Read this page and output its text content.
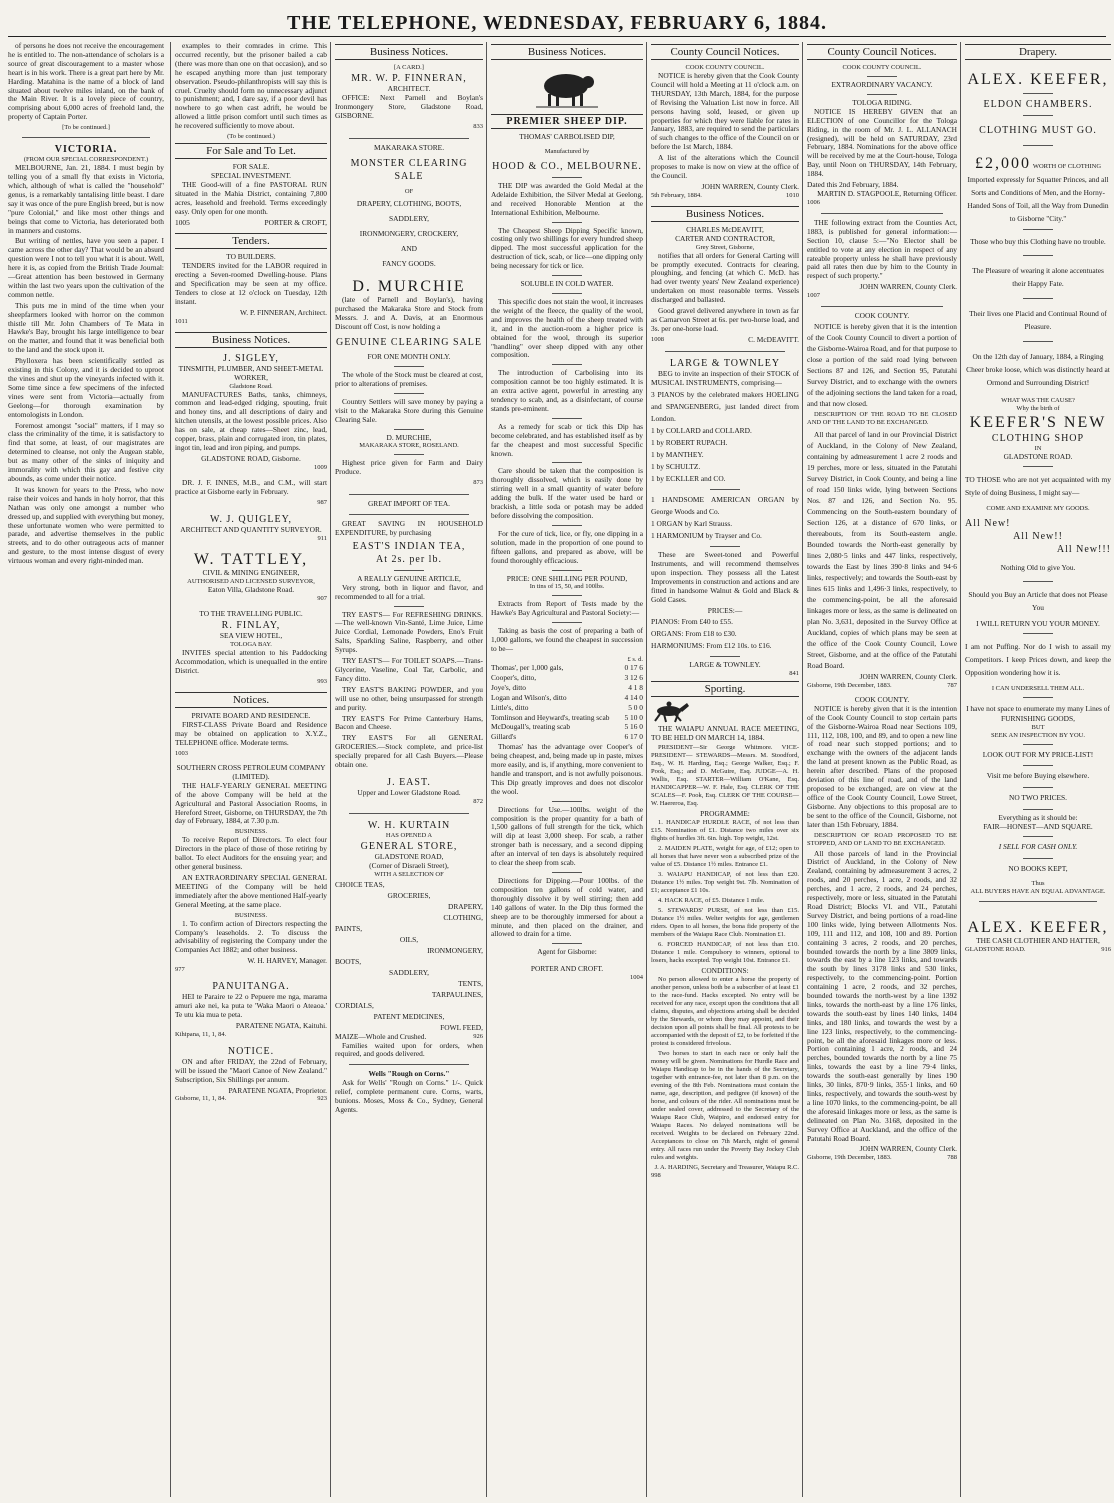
THE TELEPHONE, WEDNESDAY, FEBRUARY 6, 1884.

of persons he does not receive the encouragement he is entitled to. The non-attendance of scholars is a source of great discouragement to a master whose heart is in his work. There is a great part here by Mr. Harding. Matahina is the name of a block of land situated about twelve miles inland, on the bank of the Main River. It is a lovely piece of country, comprising about 6,000 acres of freehold land, the property of Captain Porter.

[To be continued.]
VICTORIA.
(FROM OUR SPECIAL CORRESPONDENT.)

MELBOURNE, Jan. 21, 1884. I must begin by telling you of a small fly that exists in Victoria, which, although of what is called the "household" genus, is a remarkably tantalising little beast. I dare say it was once of the pure English breed, but is now "pure Colonial," and like most other things and beings that come to Victoria, has deteriorated both in manners and customs.

But writing of nettles, have you seen a paper. I came across the other day? That would be an absurd question were I not to tell you what it is about. Well, here it is, as copied from the British Trade Journal:—Great attention has been bestowed in Germany within the last two years upon the cultivation of the common nettle.

This puts me in mind of the time when your sheepfarmers looked with horror on the common thistle till Mr. John Chambers of Te Mata in Hawke's Bay, brought his large intelligence to bear on the matter, and found that it was beneficial both to the land and the stock upon it.

Phylloxera has been scientifically settled as existing in this Colony, and it is decided to uproot the vines and shut up the vineyards infected with it. Some time since a few specimens of the infected vines were sent from Victoria—actually from Geelong—for thorough examination by entomologists in London.

Foremost amongst "social" matters, if I may so class the criminality of the time, it is satisfactory to find that some, at least, of our magistrates are determined to cleanse, not only the Augean stable, but as many other of the sinks of iniquity and immorality with which this gay and festive city abounds, as come under their notice.

It was known for years to the Press, who now raise their voices and hands in holy horror, that this Nathan was only one amongst a number who dressed up, and supplied with everything but money, these unfortunate women who were permitted to parade, and advertise themselves in the public streets, and to do other outrageous acts of manner and gesture, to the most intense disgust of every virtuous woman and every right-minded man.

examples to their comrades in crime. This occurred recently, but the prisoner bailed a cab (there was more than one on that occasion), and so he escaped anything more than just temporary observation. Pseudo-philanthropists will say this is cruel. Cruelty should form no unnecessary adjunct to punishment; and, I dare say, if a poor devil has nowhere to go when cast adrift, he would be allowed a little prison comfort until such times as he recovered sufficiently to move about.

(To be continued.)
For Sale and To Let.
FOR SALE.
SPECIAL INVESTMENT.

THE Good-will of a fine PASTORAL RUN situated in the Mahia District, containing 7,800 acres, leasehold and freehold. Terms exceedingly easy. Only open for one month.

1005	PORTER & CROFT,
Tenders.
TO BUILDERS.

TENDERS invited for the LABOR required in erecting a Seven-roomed Dwelling-house. Plans and Specification may be seen at my office. Tenders to close at 12 o'clock on Tuesday, 12th instant.

W. P. FINNERAN, Architect.
1011
Business Notices.
J. SIGLEY,
TINSMITH, PLUMBER, AND SHEET-METAL WORKER,
Gladstone Road.

MANUFACTURES Baths, tanks, chimneys, common and lead-edged ridging, spouting, fruit and honey tins, and all descriptions of dairy and kitchen utensils, at the lowest possible prices. Also has on sale, at cheap rates—Sheet zinc, lead, copper, brass, plain and corrugated iron, tin plates, ingot tin, lead and iron piping, and pumps.

GLADSTONE ROAD, Gisborne.
1009

DR. J. F. INNES, M.B., and C.M., will start practice at Gisborne early in February.

987
W. J. QUIGLEY,
ARCHITECT AND QUANTITY SURVEYOR.
911
W. TATTLEY,
CIVIL & MINING ENGINEER,
AUTHORISED AND LICENSED SURVEYOR,
Eaton Villa, Gladstone Road.
907
TO THE TRAVELLING PUBLIC.
R. FINLAY,
SEA VIEW HOTEL,
TOLOGA BAY.

INVITES special attention to his Paddocking Accommodation, which is unequalled in the entire District.

993
Notices.
PRIVATE BOARD AND RESIDENCE.

FIRST-CLASS Private Board and Residence may be obtained on application to X.Y.Z., TELEPHONE office. Moderate terms.

1003
SOUTHERN CROSS PETROLEUM COMPANY (LIMITED).

THE HALF-YEARLY GENERAL MEETING of the above Company will be held at the Agricultural and Pastoral Association Rooms, in Hereford Street, Gisborne, on THURSDAY, the 7th day of February, 1884, at 7.30 p.m.

BUSINESS.

To receive Report of Directors. To elect four Directors in the place of those of those retiring by ballot. To elect Auditors for the ensuing year; and other general business.

AN EXTRAORDINARY SPECIAL GENERAL MEETING of the Company will be held immediately after the above mentioned Half-yearly General Meeting, at the same place.

BUSINESS.

1. To confirm action of Directors respecting the Company's leaseholds. 2. To discuss the advisability of registering the Company under the Companies Act 1882; and other business.

W. H. HARVEY, Manager.
977
PANUITANGA.

HEI te Paraire te 22 o Pepuere me nga, marama amuri ake nei, ka puta te 'Waka Maori o Ateaoa.' Te utu kia mua te peta.

PARATENE NGATA, Kaituhi.
Kihipana, 11, 1, 84.
NOTICE.

ON and after FRIDAY, the 22nd of February, will be issued the "Maori Canoe of New Zealand." Subscription, Six Shillings per annum.

PARATENE NGATA, Proprietor.
Gisborne, 11, 1, 84.	923
Business Notices.
[A CARD.]
MR. W. P. FINNERAN,
ARCHITECT.

OFFICE: Next Parnell and Boylan's Ironmongery Store, Gladstone Road, GISBORNE.

833
MAKARAKA STORE.
MONSTER CLEARING SALE
OF
DRAPERY, CLOTHING, BOOTS,
SADDLERY,
IRONMONGERY, CROCKERY,
AND
FANCY GOODS.
D. MURCHIE

(late of Parnell and Boylan's), having purchased the Makaraka Store and Stock from Messrs. J. and A. Davis, at an Enormous Discount off Cost, is now holding a

GENUINE CLEARING SALE
FOR ONE MONTH ONLY.

The whole of the Stock must be cleared at cost, prior to alterations of premises.

Country Settlers will save money by paying a visit to the Makaraka Store during this Genuine Clearing Sale.

D. MURCHIE,
MAKARAKA STORE, ROSELAND.

Highest price given for Farm and Dairy Produce.

873
GREAT IMPORT OF TEA.

GREAT SAVING IN HOUSEHOLD EXPENDITURE, by purchasing

EAST'S INDIAN TEA,
At 2s. per lb.
A REALLY GENUINE ARTICLE,

Very strong, both in liquor and flavor, and recommended to all for a trial.

TRY EAST'S— For REFRESHING DRINKS.—The well-known Vin-Santé, Lime Juice, Lime Juice Cordial, Lemonade Powders, Eno's Fruit Salts, Sparkling Saline, Raspberry, and other Syrups.

TRY EAST'S— For TOILET SOAPS.—Trans-Glycerine, Vaseline, Coal Tar, Carbolic, and Fancy ditto.

TRY EAST'S BAKING POWDER, and you will use no other, being unsurpassed for strength and purity.

TRY EAST'S For Prime Canterbury Hams, Bacon and Cheese.

TRY EAST'S For all GENERAL GROCERIES.—Stock complete, and price-list specially prepared for all Cash Buyers.—Please obtain one.

J. EAST.
Upper and Lower Gladstone Road.
872
W. H. KURTAIN
HAS OPENED A
GENERAL STORE,
GLADSTONE ROAD,
(Corner of Disraeli Street),
WITH A SELECTION OF
CHOICE TEAS,
GROCERIES,
DRAPERY,
CLOTHING,
PAINTS,
OILS,
IRONMONGERY,
BOOTS,
SADDLERY,
TENTS,
TARPAULINES,
CORDIALS,
PATENT MEDICINES,
FOWL FEED,
MAIZE—Whole and Crushed.	926

Families waited upon for orders, when required, and goods delivered.

Wells "Rough on Corns."

Ask for Wells' "Rough on Corns." 1/-. Quick relief, complete permanent cure. Corns, warts, bunions. Moses, Moss & Co., Sydney, General Agents.

Business Notices.
PREMIER SHEEP DIP.
THOMAS' CARBOLISED DIP,
Manufactured by
HOOD & CO., MELBOURNE.

THE DIP was awarded the Gold Medal at the Adelaide Exhibition, the Silver Medal at Geelong, and received Honorable Mention at the International Exhibition, Melbourne.

The Cheapest Sheep Dipping Specific known, costing only two shillings for every hundred sheep dipped. The most successful application for the destruction of tick, scab, or lice—one dipping only being necessary for tick or lice.

SOLUBLE IN COLD WATER.

This specific does not stain the wool, it increases the weight of the fleece, the quality of the wool, and improves the health of the sheep treated with it, and in the auction-room a higher price is obtained for the wool, through its superior "handling" over sheep dipped with any other composition.

The introduction of Carbolising into its composition cannot be too highly estimated. It is an extra active agent, powerful in arresting any tendency to scab, and, as a disinfectant, of course stands pre-eminent.

As a remedy for scab or tick this Dip has become celebrated, and has established itself as by far the cheapest and most successful Specific known.

Care should be taken that the composition is thoroughly dissolved, which is easily done by stirring well in a small quantity of water before adding the bulk. If the water used be hard or brackish, a little soda or potash may be added before dissolving the composition.

For the cure of tick, lice, or fly, one dipping in a solution, made in the proportion of one pound to fifteen gallons, and prepared as above, will be found thoroughly efficacious.

PRICE: ONE SHILLING PER POUND,
In tins of 15, 50, and 100lbs.

Extracts from Report of Tests made by the Hawke's Bay Agricultural and Pastoral Society:—

Taking as basis the cost of preparing a bath of 1,000 gallons, we found the cheapest in succession to be—

£ s. d.
Thomas', per 1,000 gals,	0 17 6
Cooper's, ditto,	3 12 6
Joye's, ditto	4 1 8
Logan and Wilson's, ditto	4 14 0
Little's, ditto	5 0 0
Tomlinson and Heyward's, treating scab 5 10 0
McDougall's, treating scab	5 16 0
Gillard's	6 17 0

Thomas' has the advantage over Cooper's of being cheapest, and, being made up in paste, mixes more easily, and is, if anything, more convenient to handle and transport, and is not awfully poisonous. This Dip greatly improves and does not discolor the wool.

Directions for Use.—100lbs. weight of the composition is the proper quantity for a bath of 1,500 gallons of full strength for the tick, which will dip at least 3,000 sheep. For scab, a rather stronger bath is necessary, and a second dipping after an interval of ten days is absolutely required to clear the sheep from scab.

Directions for Dipping.—Pour 100lbs. of the composition ten gallons of cold water, and thoroughly dissolve it by well stirring; then add 140 gallons of water. In the Dip thus formed the sheep are to be thoroughly immersed for about a minute, and then placed on the drainer, and allowed to drain for a time.

Agent for Gisborne:
PORTER AND CROFT.
1004
County Council Notices.
COOK COUNTY COUNCIL.

NOTICE is hereby given that the Cook County Council will hold a Meeting at 11 o'clock a.m. on THURSDAY, 13th March, 1884, for the purpose of Revising the Valuation List now in force. All persons having sold, leased, or given up properties for which they were liable for rates in January, 1883, are required to send the particulars of such changes to the office of the Council on or before the 1st March, 1884.

A list of the alterations which the Council proposes to make is now on view at the office of the Council.

JOHN WARREN, County Clerk.
5th February, 1884.	1010
Business Notices.
CHARLES McDEAVITT,
CARTER AND CONTRACTOR,
Grey Street, Gisborne,

notifies that all orders for General Carting will be promptly executed. Contracts for clearing, ploughing, and fencing (at which C. McD. has had over twenty years' New Zealand experience) undertaken on most reasonable terms. Vessels discharged and ballasted.

Good gravel delivered anywhere in town as far as Carnarvon Street at 6s. per two-horse load, and 3s. per one-horse load.

1008	C. McDEAVITT.
LARGE & TOWNLEY

BEG to invite an inspection of their STOCK of MUSICAL INSTRUMENTS, comprising—

3 PIANOS by the celebrated makers HOELING and SPANGENBERG, just landed direct from London.
1 by COLLARD and COLLARD.
1 by ROBERT RUPACH.
1 by MANTHEY.
1 by SCHULTZ.
1 by ECKLLER and CO.
1 HANDSOME AMERICAN ORGAN by George Woods and Co.
1 ORGAN by Karl Strauss.
1 HARMONIUM by Trayser and Co.

These are Sweet-toned and Powerful Instruments, and will recommend themselves upon inspection. They possess all the Latest Improvements in construction and actions and are fitted in handsome Walnut & Gold and Black & Gold Cases.

PRICES:—
PIANOS: From £40 to £55.
ORGANS: From £18 to £30.
HARMONIUMS: From £12 10s. to £16.
LARGE & TOWNLEY.
841
Sporting.

THE WAIAPU ANNUAL RACE MEETING, TO BE HELD ON MARCH 14, 1884.

PRESIDENT—Sir George Whitmore. VICE-PRESIDENT— STEWARDS—Messrs. M. Stoodford, Esq., W. H. Harding, Esq.; George Walker, Esq.; F. Pook, Esq.; and D. McGuire, Esq. JUDGE—A. H. Wallis, Esq. STARTER—William O'Kane, Esq. HANDICAPPER—W. F. Hale, Esq. CLERK OF THE SCALES—F. Pook, Esq. CLERK OF THE COURSE—W. Haereroa, Esq.

PROGRAMME:

1. HANDICAP HURDLE RACE, of not less than £15. Nomination of £1. Distance two miles over six flights of hurdles 3ft. 6in. high. Top weight, 12st.

2. MAIDEN PLATE, weight for age, of £12; open to all horses that have never won a subscribed prize of the value of £5. Distance 1½ miles. Entrance £1.

3. WAIAPU HANDICAP, of not less than £20. Distance 1½ miles. Top weight 9st. 7lb. Nomination of £1; acceptance £1 10s.

4. HACK RACE, of £5. Distance 1 mile.

5. STEWARDS' PURSE, of not less than £15. Distance 1½ miles. Welter weights for age, gentlemen riders. Open to all horses, the bona fide property of the members of the Waiapu Race Club. Nomination £1.

6. FORCED HANDICAP, of not less than £10. Distance 1 mile. Compulsory to winners, optional to losers, hacks excepted. Top weight 10st. Entrance £1.

CONDITIONS:

No person allowed to enter a horse the property of another person, unless both be a subscriber of at least £1 to the race-fund. Hacks excepted. No entry will be received for any race, except upon the conditions that all claims, disputes, and objections arising shall be decided by the Stewards, or whom they may appoint, and their decision upon all points shall be final. All protests to be accompanied with the deposit of £2, to be forfeited if the protest is considered frivolous.

Two horses to start in each race or only half the money will be given. Nominations for Hurdle Race and Waiapu Handicap to be in the hands of the Secretary, together with entrance-fee, not later than 8 p.m. on the evening of the 8th Feb. Nominations must contain the name, age, description, and pedigree (if known) of the horse, and colours of the rider. All nominations must be under sealed cover, addressed to the Secretary of the Waiapu Race Club, Waipiro, and endorsed entry for Waiapu Races. No delayed nominations will be received. Weights to be declared on February 22nd. Acceptances to close on 7th March, night of general entry. All races run under the Poverty Bay Jockey Club rules and weights.

J. A. HARDING, Secretary and Treasurer, Waiapu R.C.
998
County Council Notices.
COOK COUNTY COUNCIL.
EXTRAORDINARY VACANCY.
TOLOGA RIDING.

NOTICE IS HEREBY GIVEN that an ELECTION of one Councillor for the Tologa Riding, in the room of Mr. J. L. ALLANACH (resigned), will be held on SATURDAY, 23rd February, 1884. Nominations for the above office will be received by me at the Court-house, Tologa Bay, until Noon on THURSDAY, 14th February, 1884.

Dated this 2nd February, 1884.
MARTIN D. STAGPOOLE, Returning Officer.
1006

THE following extract from the Counties Act, 1883, is published for general information:— Section 10, clause 5:—"No Elector shall be entitled to vote at any election in respect of any rateable property unless he shall have previously paid all rates then due by him to the County in respect of such property."

JOHN WARREN, County Clerk.
1007
COOK COUNTY.

NOTICE is hereby given that it is the intention of the Cook County Council to divert a portion of the Gisborne-Wairoa Road, and for that purpose to close a portion of the said road lying between Sections 87 and 126, and Section 95, Patutahi Survey District, and to exchange with the owners of the adjoining sections the land taken for a road, and that now closed.

DESCRIPTION OF THE ROAD TO BE CLOSED AND OF THE LAND TO BE EXCHANGED.

All that parcel of land in our Provincial District of Auckland, in the Colony of New Zealand, containing by admeasurement 1 acre 2 roods and 19 perches, more or less, situated in the Patutahi Survey District, in Cook County, and being a line of road 150 links wide, lying between Sections Nos. 87 and 126, and Section No. 95. Commencing on the South-eastern boundary of Section 126, at a distance of 670 links, or thereabouts, from its South-eastern angle. Bounded towards the North-east generally by lines 2,080·5 links and 447 links, respectively, towards the East by lines 390·8 links and 94·6 links, respectively; and towards the South-east by lines 615 links and 1,496·3 links, respectively, to the commencing-point, be all the aforesaid linkages more or less, as the same is delineated on plan No. 3,631, deposited in the Survey Office at Auckland, copies of which plans may be seen at the office of the Cook County Council, Lowe Street, Gisborne, and at the office of the Patutahi Road Board.

JOHN WARREN, County Clerk.
Gisborne, 19th December, 1883.	787
COOK COUNTY.

NOTICE is hereby given that it is the intention of the Cook County Council to stop certain parts of the Gisborne-Wairoa Road near Sections 109, 111, 112, 108, 100, and 89, and to open a new line of road near such stopped portions; and to exchange with the owners of the adjacent lands the land at present known as the Public Road, as herein after described. Plans of the proposed deviation of this line of road, and of the land proposed to be exchanged, are on view at the office of the Cook County Council, Lowe Street, Gisborne. Any objections to this proposal are to be sent to the office of the Council, Gisborne, not later than 15th February, 1884.

DESCRIPTION OF ROAD PROPOSED TO BE STOPPED, AND OF LAND TO BE EXCHANGED.

All those parcels of land in the Provincial District of Auckland, in the Colony of New Zealand, containing by admeasurement 3 acres, 2 roods, and 20 perches, 1 acre, 2 roods, and 32 perches, and 1 acre, 2 roods, and 24 perches, respectively, more or less, situated in the Patutahi Road District; Blocks VI. and VII., Patutahi Survey District, and being portions of a road-line 100 links wide, lying between Allotments Nos. 109, 111 and 112, and 108, 100 and 89. Portion containing 3 acres, 2 roods, and 20 perches, bounded towards the north by a line 3809 links, towards the east by a line 123 links, and towards the south by lines 3178 links and 530 links, respectively, to the commencing-point. Portion containing 1 acre, 2 roods, and 32 perches, bounded towards the north-west by a line 1392 links, towards the north-east by a line 176 links, towards the south-east by lines 140 links, 1404 links, and 180 links, and towards the west by a line 123 links, respectively, to the commencing-point, be all the aforesaid linkages more or less. Portion containing 1 acre, 2 roods, and 24 perches, bounded towards the north by a line 75 links, towards the east by a line 79·4 links, towards the south-east generally by lines 190 links, 30 links, 870·9 links, 355·1 links, and 60 links, respectively, and towards the south-west by a line 1070 links, to the commencing-point, be all the aforesaid linkages more or less, as the same is delineated on Plan No. 3168, deposited in the Survey Office at Auckland, and the office of the Patutahi Road Board.

JOHN WARREN, County Clerk.
Gisborne, 19th December, 1883.	788
Drapery.
ALEX. KEEFER,
ELDON CHAMBERS.
CLOTHING MUST GO.
£2,000 WORTH OF CLOTHING
Imported expressly for Squatter Princes, and all Sorts and Conditions of Men, and the Horny-Handed Sons of Toil, all the Way from Dunedin to Gisborne "City."
Those who buy this Clothing have no trouble.
The Pleasure of wearing it alone accentuates their Happy Fate.
Their lives one Placid and Continual Round of Pleasure.
On the 12th day of January, 1884, a Ringing Cheer broke loose, which was distinctly heard at Ormond and Surrounding District!
WHAT WAS THE CAUSE?
Why the birth of
KEEFER'S NEW
CLOTHING SHOP
IN
GLADSTONE ROAD.
TO THOSE who are not yet acquainted with my Style of doing Business, I might say—
COME AND EXAMINE MY GOODS.
All New!
All New!!
All New!!!
Nothing Old to give You.
Should you Buy an Article that does not Please You
I WILL RETURN YOU YOUR MONEY.
I am not Puffing. Nor do I wish to assail my Competitors. I keep Prices down, and keep the Opposition wondering how it is.
I CAN UNDERSELL THEM ALL.
I have not space to enumerate my many Lines of
FURNISHING GOODS,
BUT
SEEK AN INSPECTION BY YOU.
LOOK OUT FOR MY PRICE-LIST!
Visit me before Buying elsewhere.
NO TWO PRICES.
Everything as it should be:
FAIR—HONEST—AND SQUARE.
I SELL FOR CASH ONLY.
NO BOOKS KEPT,
Thus
ALL BUYERS HAVE AN EQUAL ADVANTAGE.
ALEX. KEEFER,
THE CASH CLOTHIER AND HATTER,
GLADSTONE ROAD.	916
